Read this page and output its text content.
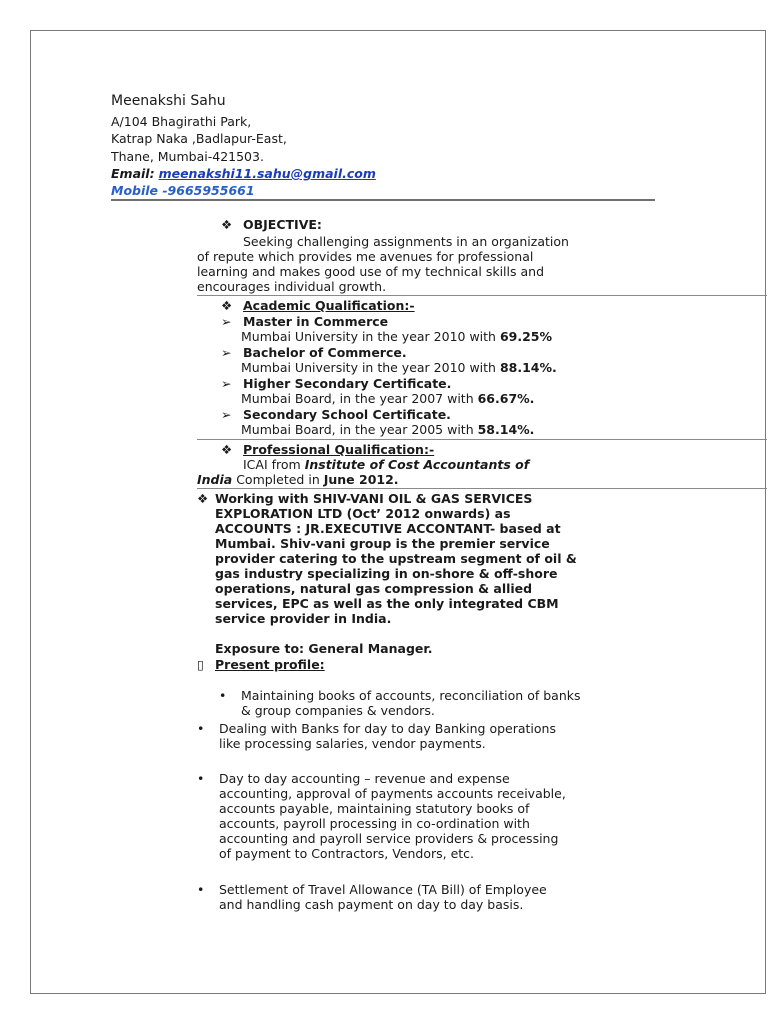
Meenakshi Sahu
A/104 Bhagirathi Park,
Katrap Naka ,Badlapur-East,
Thane, Mumbai-421503.
Email: meenakshi11.sahu@gmail.com
Mobile -9665955661
❖ OBJECTIVE:
Seeking challenging assignments in an organization
of repute which provides me avenues for professional
learning and makes good use of my technical skills and
encourages individual growth.
❖ Academic Qualification:-
➢ Master in Commerce
Mumbai University in the year 2010 with 69.25%
➢ Bachelor of Commerce.
Mumbai University in the year 2010 with 88.14%.
➢ Higher Secondary Certificate.
Mumbai Board, in the year 2007 with 66.67%.
➢ Secondary School Certificate.
Mumbai Board, in the year 2005 with 58.14%.
❖ Professional Qualification:-
ICAI from Institute of Cost Accountants of
India Completed in June 2012.
❖ Working with SHIV-VANI OIL & GAS SERVICES
EXPLORATION LTD (Oct’ 2012 onwards) as
ACCOUNTS : JR.EXECUTIVE ACCONTANT- based at
Mumbai. Shiv-vani group is the premier service
provider catering to the upstream segment of oil &
gas industry specializing in on-shore & off-shore
operations, natural gas compression & allied
services, EPC as well as the only integrated CBM
service provider in India.
Exposure to: General Manager.
▯ Present profile:
• Maintaining books of accounts, reconciliation of banks
& group companies & vendors.
• Dealing with Banks for day to day Banking operations
like processing salaries, vendor payments.
• Day to day accounting – revenue and expense
accounting, approval of payments accounts receivable,
accounts payable, maintaining statutory books of
accounts, payroll processing in co-ordination with
accounting and payroll service providers & processing
of payment to Contractors, Vendors, etc.
• Settlement of Travel Allowance (TA Bill) of Employee
and handling cash payment on day to day basis.
